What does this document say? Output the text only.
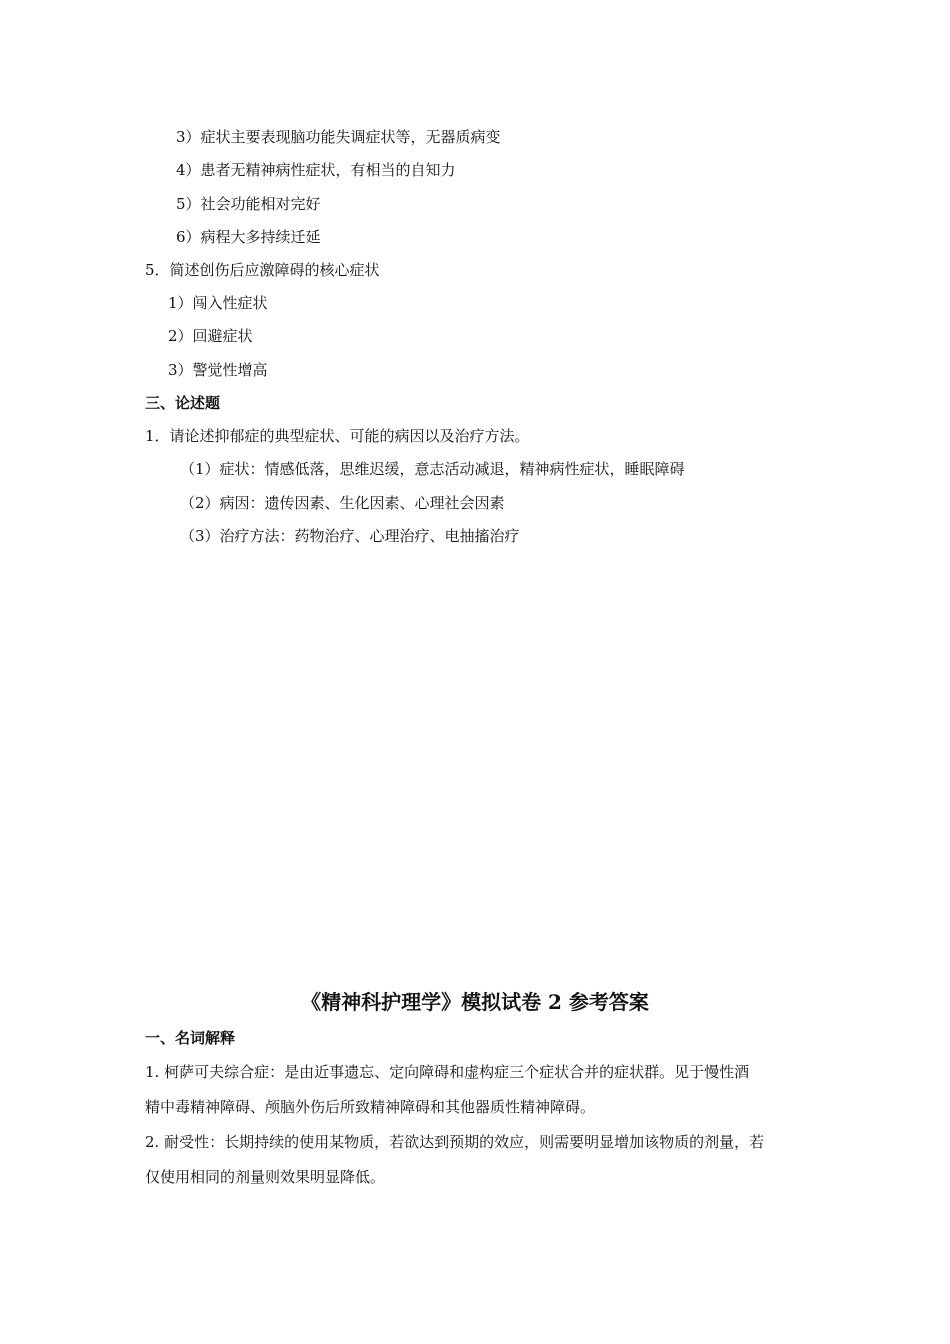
3）症状主要表现脑功能失调症状等，无器质病变
4）患者无精神病性症状，有相当的自知力
5）社会功能相对完好
6）病程大多持续迁延
5．简述创伤后应激障碍的核心症状
1）闯入性症状
2）回避症状
3）警觉性增高
三、论述题
1．请论述抑郁症的典型症状、可能的病因以及治疗方法。
（1）症状：情感低落，思维迟缓，意志活动减退，精神病性症状，睡眠障碍
（2）病因：遗传因素、生化因素、心理社会因素
（3）治疗方法：药物治疗、心理治疗、电抽搐治疗
《精神科护理学》模拟试卷 2 参考答案
一、名词解释
1. 柯萨可夫综合症：是由近事遗忘、定向障碍和虚构症三个症状合并的症状群。见于慢性酒
精中毒精神障碍、颅脑外伤后所致精神障碍和其他器质性精神障碍。
2. 耐受性：长期持续的使用某物质，若欲达到预期的效应，则需要明显增加该物质的剂量，若
仅使用相同的剂量则效果明显降低。
